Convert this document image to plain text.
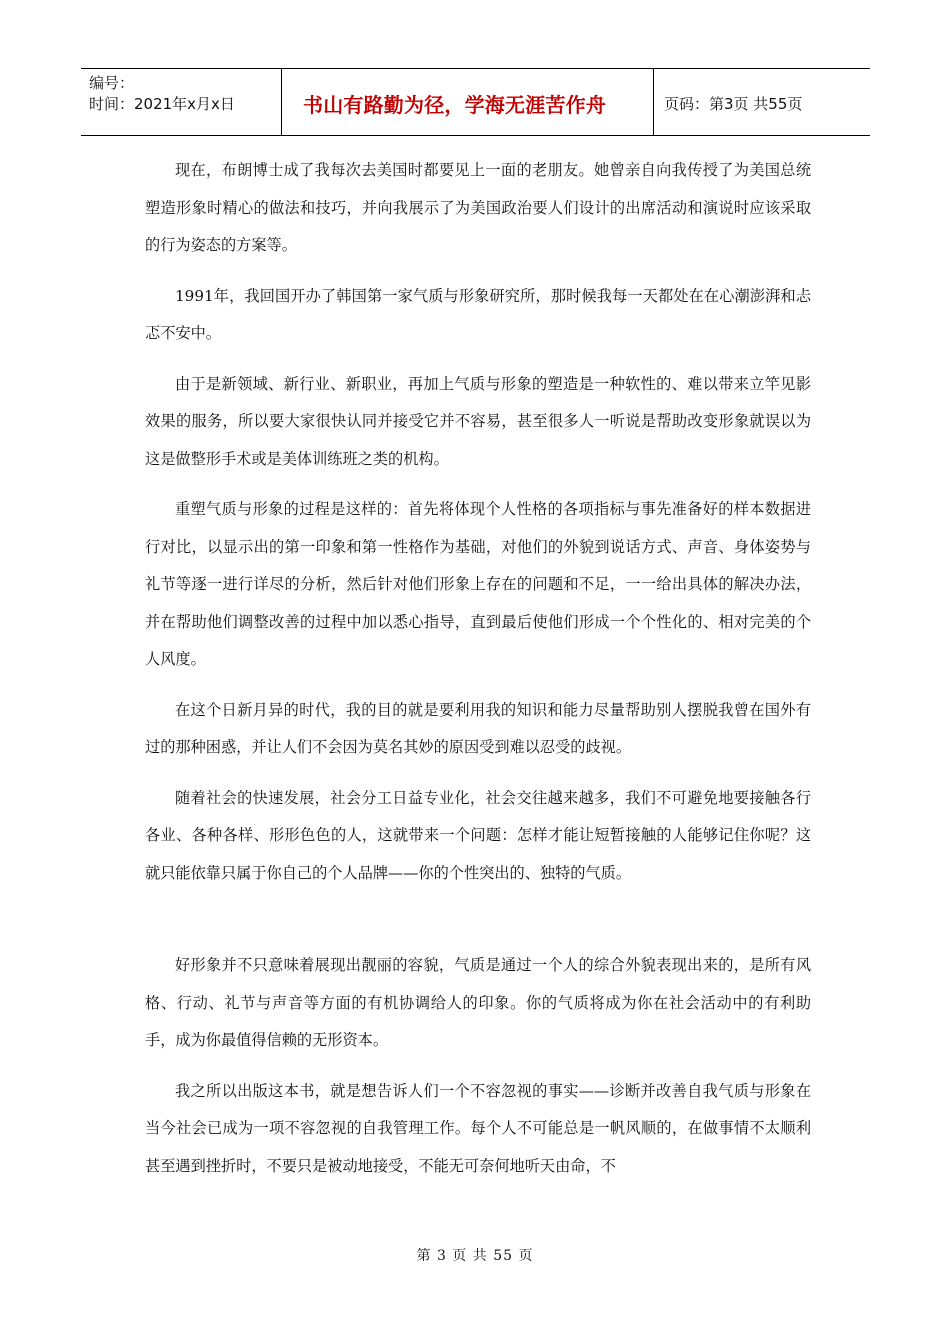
编号：
时间：2021年x月x日	书山有路勤为径，学海无涯苦作舟	页码：第3页 共55页

现在，布朗博士成了我每次去美国时都要见上一面的老朋友。她曾亲自向我传授了为美国总统塑造形象时精心的做法和技巧，并向我展示了为美国政治要人们设计的出席活动和演说时应该采取的行为姿态的方案等。

1991年，我回国开办了韩国第一家气质与形象研究所，那时候我每一天都处在在心潮澎湃和忐忑不安中。

由于是新领域、新行业、新职业，再加上气质与形象的塑造是一种软性的、难以带来立竿见影效果的服务，所以要大家很快认同并接受它并不容易，甚至很多人一听说是帮助改变形象就误以为这是做整形手术或是美体训练班之类的机构。

重塑气质与形象的过程是这样的：首先将体现个人性格的各项指标与事先准备好的样本数据进行对比，以显示出的第一印象和第一性格作为基础，对他们的外貌到说话方式、声音、身体姿势与礼节等逐一进行详尽的分析，然后针对他们形象上存在的问题和不足，一一给出具体的解决办法，并在帮助他们调整改善的过程中加以悉心指导，直到最后使他们形成一个个性化的、相对完美的个人风度。

在这个日新月异的时代，我的目的就是要利用我的知识和能力尽量帮助别人摆脱我曾在国外有过的那种困惑，并让人们不会因为莫名其妙的原因受到难以忍受的歧视。

随着社会的快速发展，社会分工日益专业化，社会交往越来越多，我们不可避免地要接触各行各业、各种各样、形形色色的人，这就带来一个问题：怎样才能让短暂接触的人能够记住你呢？这就只能依靠只属于你自己的个人品牌——你的个性突出的、独特的气质。

好形象并不只意味着展现出靓丽的容貌，气质是通过一个人的综合外貌表现出来的，是所有风格、行动、礼节与声音等方面的有机协调给人的印象。你的气质将成为你在社会活动中的有利助手，成为你最值得信赖的无形资本。

我之所以出版这本书，就是想告诉人们一个不容忽视的事实——诊断并改善自我气质与形象在当今社会已成为一项不容忽视的自我管理工作。每个人不可能总是一帆风顺的，在做事情不太顺利甚至遇到挫折时，不要只是被动地接受，不能无可奈何地听天由命，不

第 3 页 共 55 页
